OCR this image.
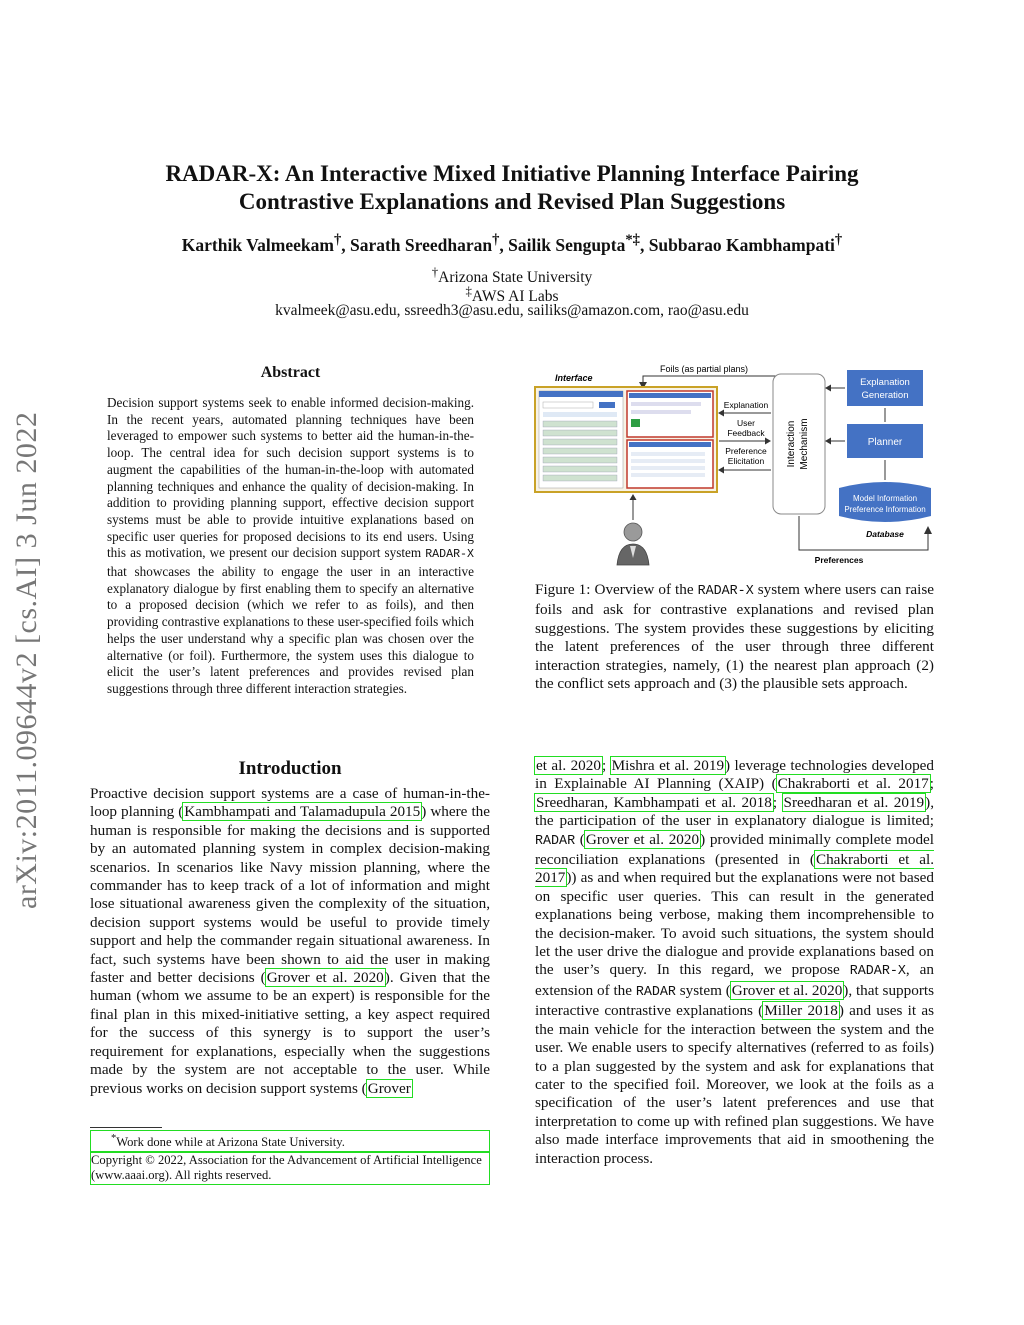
arXiv:2011.09644v2 [cs.AI] 3 Jun 2022
RADAR-X: An Interactive Mixed Initiative Planning Interface Pairing
Contrastive Explanations and Revised Plan Suggestions
Karthik Valmeekam†, Sarath Sreedharan†, Sailik Sengupta*‡, Subbarao Kambhampati†
†Arizona State University
‡AWS AI Labs
kvalmeek@asu.edu, ssreedh3@asu.edu, sailiks@amazon.com, rao@asu.edu
Abstract
Decision support systems seek to enable informed decision-making. In the recent years, automated planning techniques have been leveraged to empower such systems to better aid the human-in-the-loop. The central idea for such decision support systems is to augment the capabilities of the human-in-the-loop with automated planning techniques and enhance the quality of decision-making. In addition to providing planning support, effective decision support systems must be able to provide intuitive explanations based on specific user queries for proposed decisions to its end users. Using this as motivation, we present our decision support system RADAR-X that showcases the ability to engage the user in an interactive explanatory dialogue by first enabling them to specify an alternative to a proposed decision (which we refer to as foils), and then providing contrastive explanations to these user-specified foils which helps the user understand why a specific plan was chosen over the alternative (or foil). Furthermore, the system uses this dialogue to elicit the user’s latent preferences and provides revised plan suggestions through three different interaction strategies.
Interface
Foils (as partial plans)
Explanation
User
Feedback
Preference
Elicitation Interaction Mechanism
Explanation
Generation
Planner
Model Information
Preference Information
Database
Preferences
Figure 1: Overview of the RADAR-X system where users can raise foils and ask for contrastive explanations and revised plan suggestions. The system provides these suggestions by eliciting the latent preferences of the user through three different interaction strategies, namely, (1) the nearest plan approach (2) the conflict sets approach and (3) the plausible sets approach.
Introduction
Proactive decision support systems are a case of human-in-the-loop planning (Kambhampati and Talamadupula 2015) where the human is responsible for making the decisions and is supported by an automated planning system in complex decision-making scenarios. In scenarios like Navy mission planning, where the commander has to keep track of a lot of information and might lose situational awareness given the complexity of the situation, decision support systems would be useful to provide timely support and help the commander regain situational awareness. In fact, such systems have been shown to aid the user in making faster and better decisions (Grover et al. 2020). Given that the human (whom we assume to be an expert) is responsible for the final plan in this mixed-initiative setting, a key aspect required for the success of this synergy is to support the user’s requirement for explanations, especially when the suggestions made by the system are not acceptable to the user. While previous works on decision support systems (Grover
et al. 2020; Mishra et al. 2019) leverage technologies developed in Explainable AI Planning (XAIP) (Chakraborti et al. 2017; Sreedharan, Kambhampati et al. 2018; Sreedharan et al. 2019), the participation of the user in explanatory dialogue is limited; RADAR (Grover et al. 2020) provided minimally complete model reconciliation explanations (presented in (Chakraborti et al. 2017)) as and when required but the explanations were not based on specific user queries. This can result in the generated explanations being verbose, making them incomprehensible to the decision-maker. To avoid such situations, the system should let the user drive the dialogue and provide explanations based on the user’s query. In this regard, we propose RADAR-X, an extension of the RADAR system (Grover et al. 2020), that supports interactive contrastive explanations (Miller 2018) and uses it as the main vehicle for the interaction between the system and the user. We enable users to specify alternatives (referred to as foils) to a plan suggested by the system and ask for explanations that cater to the specified foil. Moreover, we look at the foils as a specification of the user’s latent preferences and use that interpretation to come up with refined plan suggestions. We have also made interface improvements that aid in smoothening the interaction process.
*Work done while at Arizona State University.
Copyright © 2022, Association for the Advancement of Artificial Intelligence (www.aaai.org). All rights reserved.
